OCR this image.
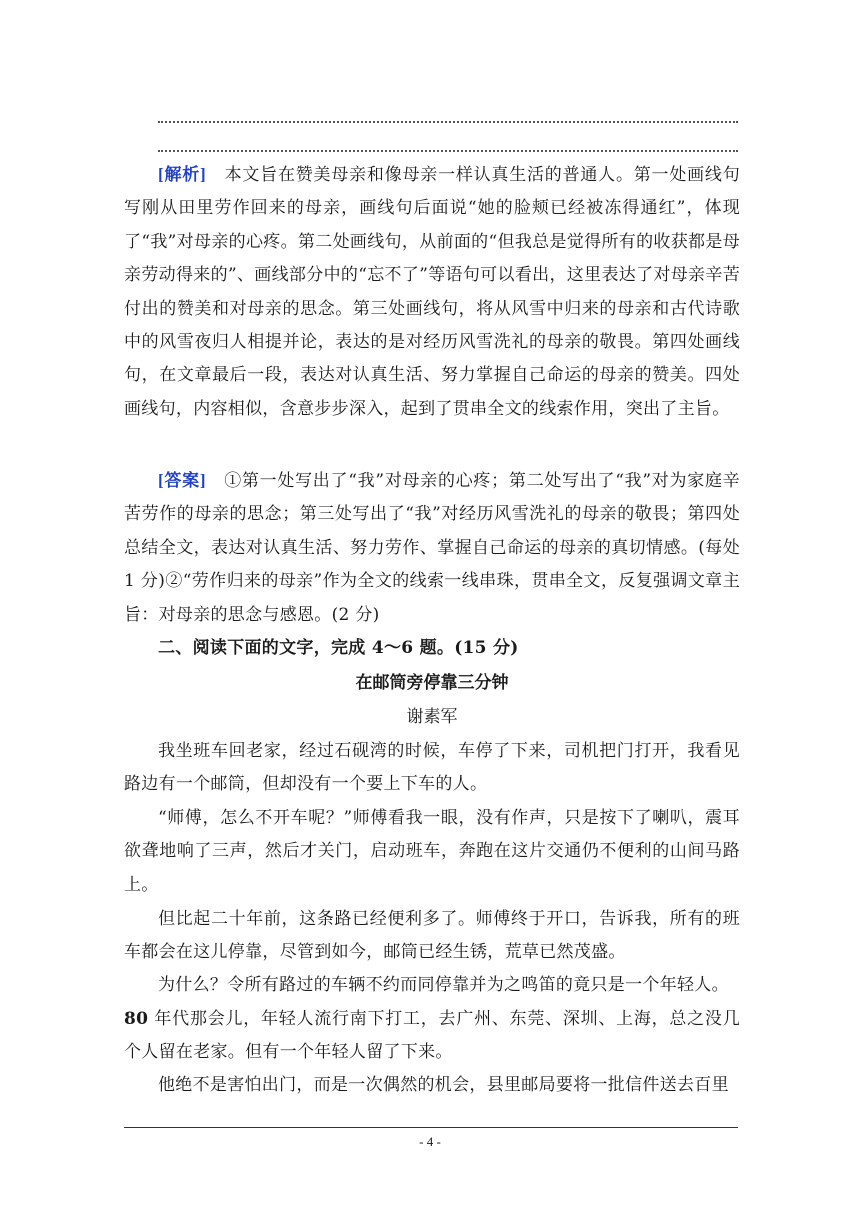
[解析] 本文旨在赞美母亲和像母亲一样认真生活的普通人。第一处画线句写刚从田里劳作回来的母亲，画线句后面说“她的脸颊已经被冻得通红”，体现了“我”对母亲的心疼。第二处画线句，从前面的“但我总是觉得所有的收获都是母亲劳动得来的”、画线部分中的“忘不了”等语句可以看出，这里表达了对母亲辛苦付出的赞美和对母亲的思念。第三处画线句，将从风雪中归来的母亲和古代诗歌中的风雪夜归人相提并论，表达的是对经历风雪洗礼的母亲的敬畏。第四处画线句，在文章最后一段，表达对认真生活、努力掌握自己命运的母亲的赞美。四处画线句，内容相似，含意步步深入，起到了贯串全文的线索作用，突出了主旨。

[答案] ①第一处写出了“我”对母亲的心疼；第二处写出了“我”对为家庭辛苦劳作的母亲的思念；第三处写出了“我”对经历风雪洗礼的母亲的敬畏；第四处总结全文，表达对认真生活、努力劳作、掌握自己命运的母亲的真切情感。(每处 1 分)②“劳作归来的母亲”作为全文的线索一线串珠，贯串全文，反复强调文章主旨：对母亲的思念与感恩。(2 分)

二、阅读下面的文字，完成 4～6 题。(15 分)

在邮筒旁停靠三分钟

谢素军

我坐班车回老家，经过石砚湾的时候，车停了下来，司机把门打开，我看见路边有一个邮筒，但却没有一个要上下车的人。

“师傅，怎么不开车呢？”师傅看我一眼，没有作声，只是按下了喇叭，震耳欲聋地响了三声，然后才关门，启动班车，奔跑在这片交通仍不便利的山间马路上。

但比起二十年前，这条路已经便利多了。师傅终于开口，告诉我，所有的班车都会在这儿停靠，尽管到如今，邮筒已经生锈，荒草已然茂盛。

为什么？令所有路过的车辆不约而同停靠并为之鸣笛的竟只是一个年轻人。

80 年代那会儿，年轻人流行南下打工，去广州、东莞、深圳、上海，总之没几个人留在老家。但有一个年轻人留了下来。

他绝不是害怕出门，而是一次偶然的机会，县里邮局要将一批信件送去百里

- 4 -
